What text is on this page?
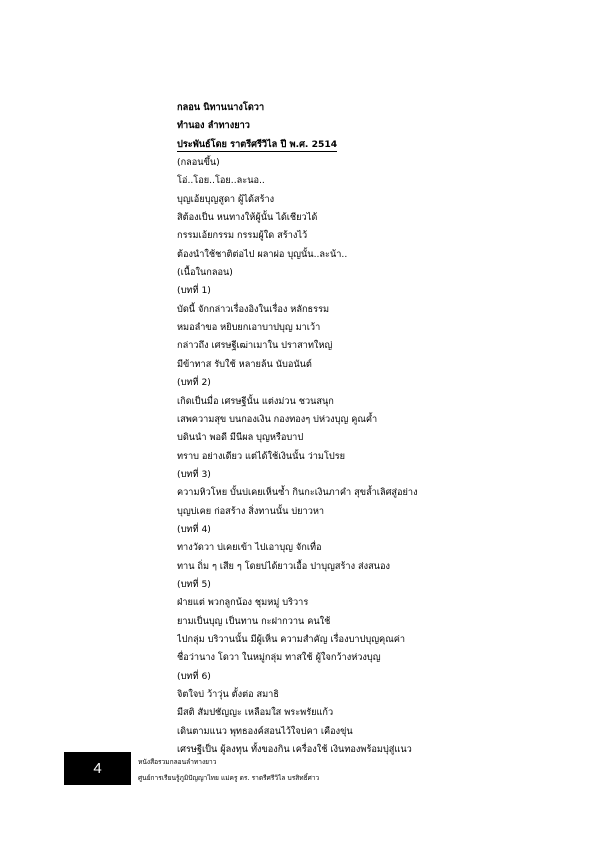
กลอน นิทานนางโดวา
ทำนอง ลำทางยาว
ประพันธ์โดย ราตรีศรีวิไล ปี พ.ศ. 2514
(กลอนขึ้น)
โอ่..โอย..โอย..ละนอ..
บุญเอ้ยบุญสูดา ผู้ได้สร้าง
สิต้องเป็น หนทางให้ผู้นั้น ได้เชียวได้
กรรมเอ้ยกรรม กรรมผู้ใด สร้างไว้
ต้องนำใช้ชาติต่อไป ผลาผ่อ บุญนั้น..ละน้า..
(เนื้อในกลอน)
(บทที่ 1)
บัดนี้ จักกล่าวเรื่องอิงในเรื่อง หลักธรรม
หมอลำขอ หยิบยกเอาบาปบุญ มาเว้า
กล่าวถึง เศรษฐีเฒ่าเมาใน ปราสาทใหญ่
มีข้าทาส รับใช้ หลายล้น นับอนันต์
(บทที่ 2)
เกิดเป็นมื่อ เศรษฐีนั้น แต่งม่วน ชวนสนุก
เสพความสุข บนกองเงิน กองทองๆ บ่ห่วงบุญ คูณค้ำ
บดินนำ พอดี มีนีผล บุญหรือบาป
ทราบ อย่างเดียว แต่ได้ใช้เงินนั้น ว่ามโปรย
(บทที่ 3)
ความหิวโหย บั้นบ่เคยเห็นซ้ำ กินกะเงินภาคำ สุขล้ำเลิศสู่อย่าง
บุญบ่เคย ก่อสร้าง สิ่งทานนั้น บ่ยาวหา
(บทที่ 4)
ทางวัดวา บ่เคยเข้า ไปเอาบุญ จักเทื่อ
ทาน ถิ่ม ๆ เสีย ๆ โดยบ่ได้ยาวเอื้อ ปาบุญสร้าง ส่งสนอง
(บทที่ 5)
ฝ่ายแต่ พวกลูกน้อง ชุมหมู่ บริวาร
ยามเป็นบุญ เป็นทาน กะฝากวาน คนใช้
ไปกลุ่ม บริวานนั้น มีผู้เห็น ความสำคัญ เรื่องบาปบุญคุณค่า
ชื่อว่านาง โดวา ในหมู่กลุ่ม ทาสใช้ ผู้ใจกว้างห่วงบุญ
(บทที่ 6)
จิตใจบ่ ว้าวุ่น ตั้งต่อ สมาธิ
มีสติ สัมปชัญญะ เหลือมใส พระพรัยแก้ว
เดินตามแนว พุทธองค์สอนไว้ใจบ่คา เคืองขุ่น
เศรษฐีเป็น ผู้ลงทุน ทั้งของกิน เครื่องใช้ เงินทองพร้อมบุ่สู่แนว
4	หนังสือรวมกลอนลำทางยาว
ศูนย์การเรียนรู้ภูมิปัญญาไทย แม่ครู ดร. ราตรีศรีวิไล บรสิทธิ์ศาว
